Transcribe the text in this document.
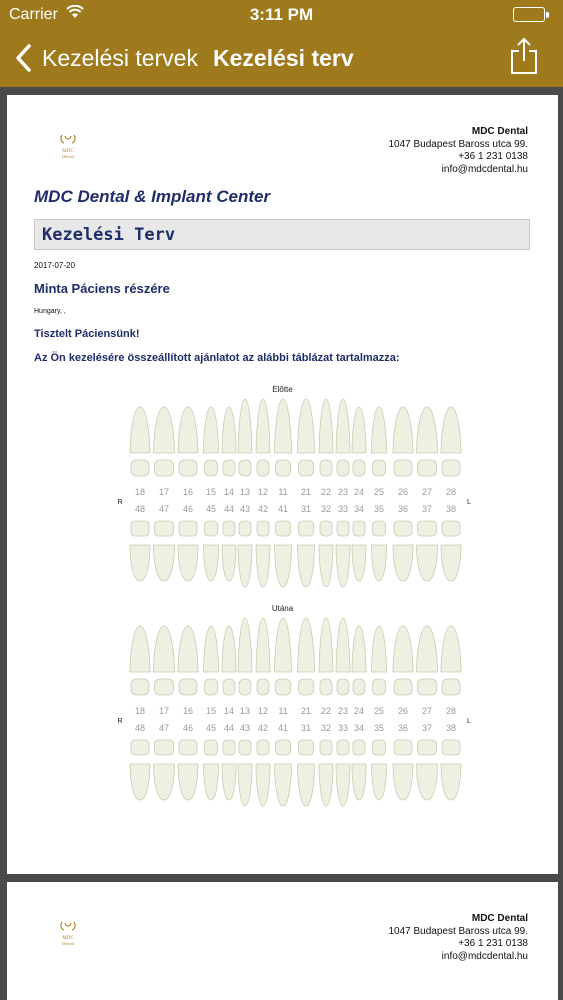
Carrier	3:11 PM
Kezelési tervek Kezelési terv
MDC
Dental
MDC Dental
1047 Budapest Baross utca 99.
+36 1 231 0138
info@mdcdental.hu
MDC Dental & Implant Center
Kezelési Terv
2017-07-20
Minta Páciens részére
Hungary, ,
Tisztelt Páciensünk!
Az Ön kezelésére összeállított ajánlatot az alábbi táblázat tartalmazza:
Előtte
18
48
17
47
16
46
15
45
14
44
13
43
12
42
11
41
21
31
22
32
23
33
24
34
25
35
26
36
27
37
28
38
R	L
Utána
18
48
17
47
16
46
15
45
14
44
13
43
12
42
11
41
21
31
22
32
23
33
24
34
25
35
26
36
27
37
28
38
R	L
MDC
Dental
MDC Dental
1047 Budapest Baross utca 99.
+36 1 231 0138
info@mdcdental.hu
